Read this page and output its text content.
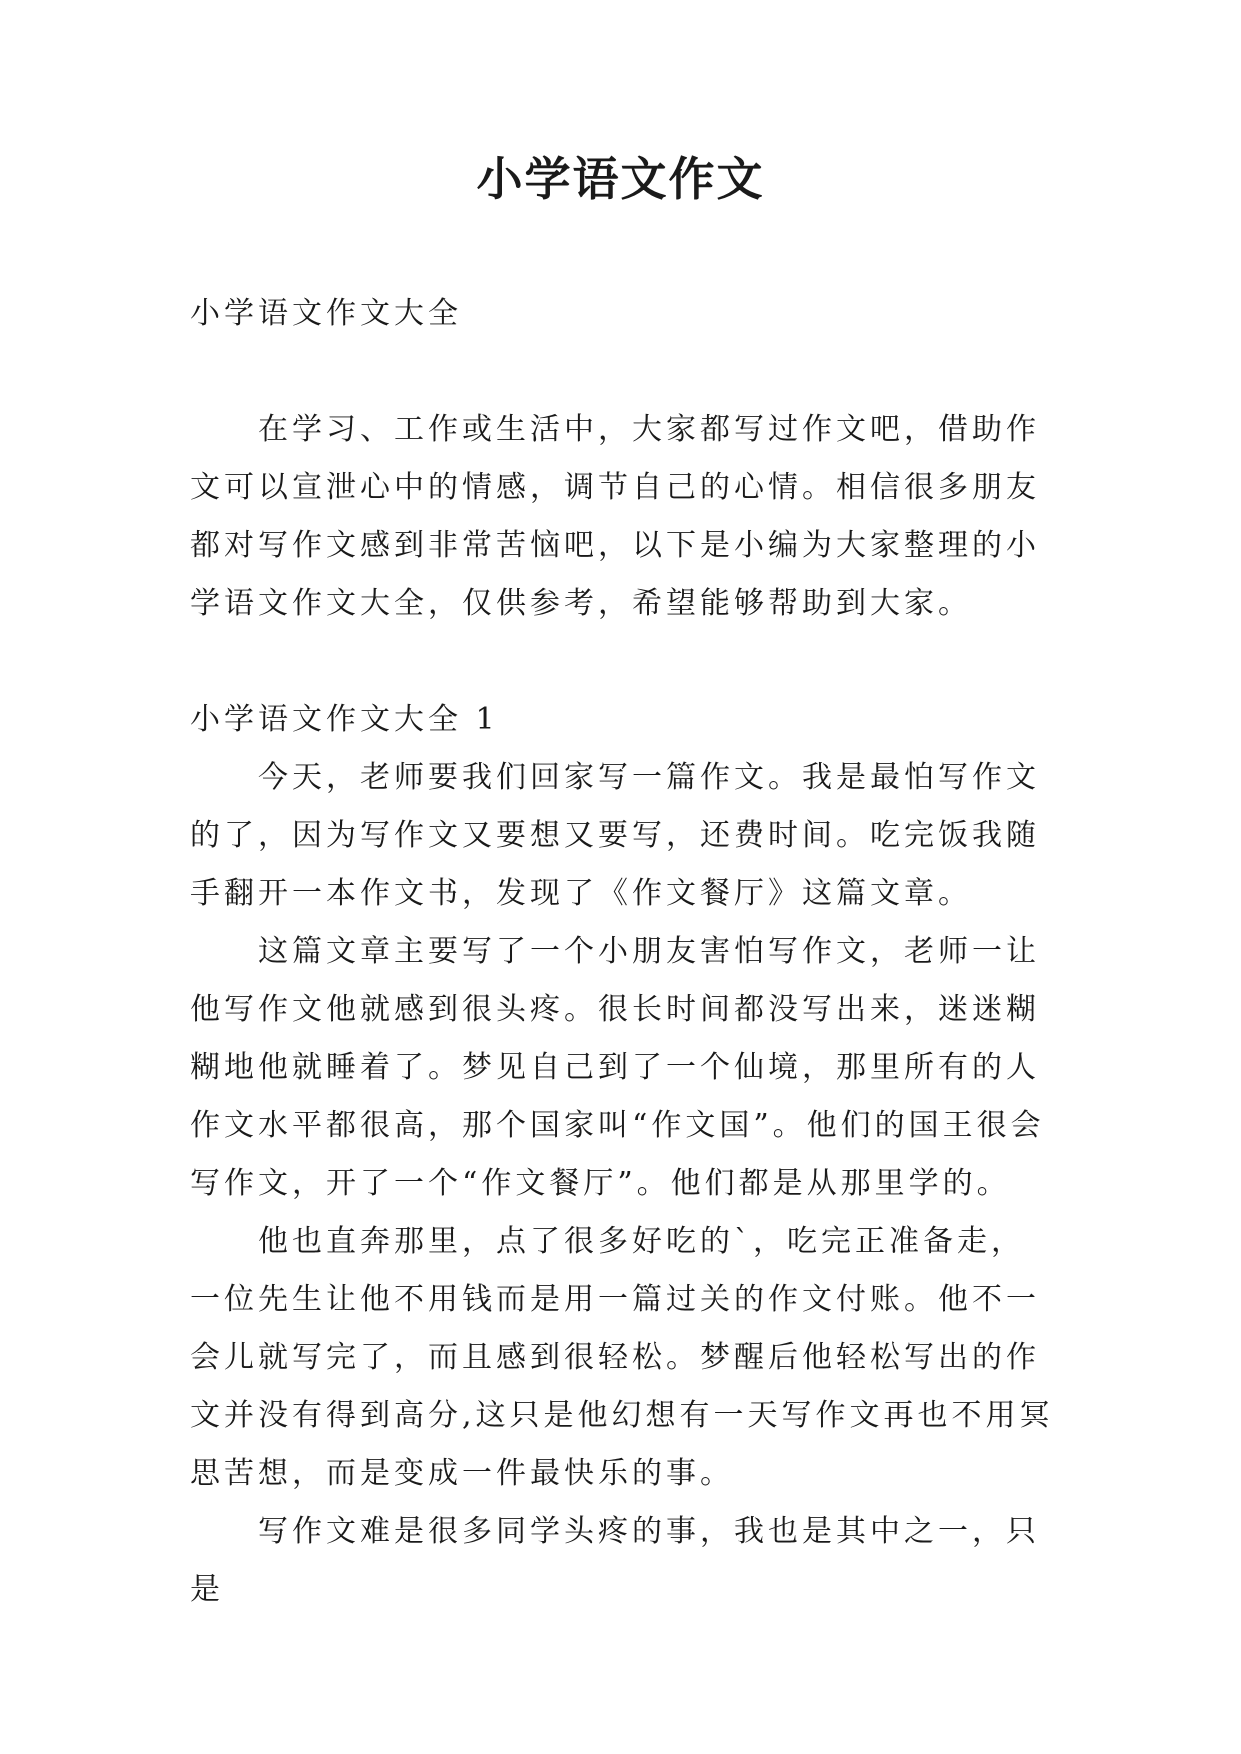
小学语文作文

小学语文作文大全

在学习、工作或生活中，大家都写过作文吧，借助作文可以宣泄心中的情感，调节自己的心情。相信很多朋友都对写作文感到非常苦恼吧，以下是小编为大家整理的小学语文作文大全，仅供参考，希望能够帮助到大家。

小学语文作文大全 1

今天，老师要我们回家写一篇作文。我是最怕写作文的了，因为写作文又要想又要写，还费时间。吃完饭我随手翻开一本作文书，发现了《作文餐厅》这篇文章。

这篇文章主要写了一个小朋友害怕写作文，老师一让他写作文他就感到很头疼。很长时间都没写出来，迷迷糊糊地他就睡着了。梦见自己到了一个仙境，那里所有的人作文水平都很高，那个国家叫“作文国”。他们的国王很会写作文，开了一个“作文餐厅”。他们都是从那里学的。

他也直奔那里，点了很多好吃的`，吃完正准备走，一位先生让他不用钱而是用一篇过关的作文付账。他不一会儿就写完了，而且感到很轻松。梦醒后他轻松写出的作文并没有得到高分,这只是他幻想有一天写作文再也不用冥思苦想，而是变成一件最快乐的事。

写作文难是很多同学头疼的事，我也是其中之一，只是
